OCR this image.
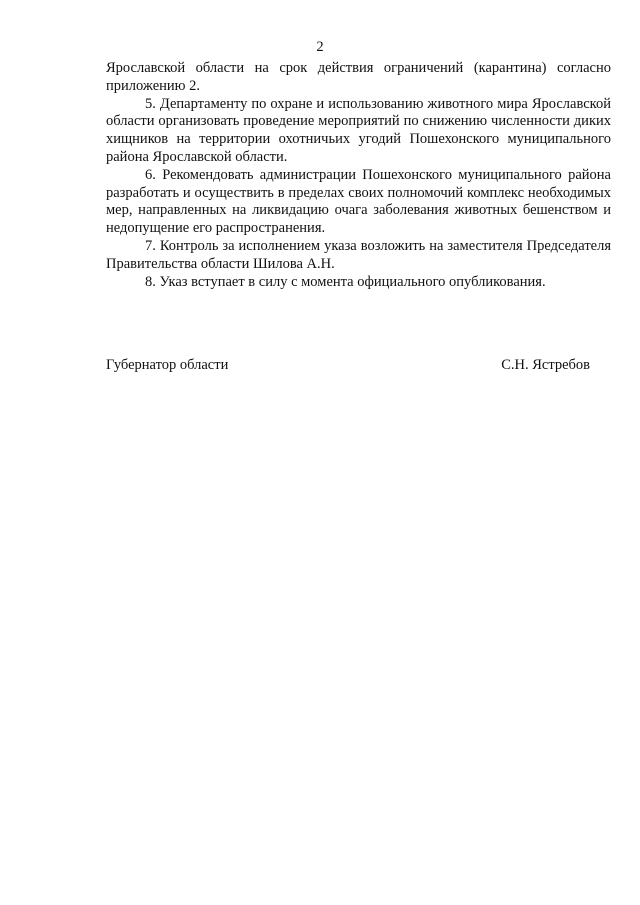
2

Ярославской области на срок действия ограничений (карантина) согласно приложению 2.

5. Департаменту по охране и использованию животного мира Ярославской области организовать проведение мероприятий по снижению численности диких хищников на территории охотничьих угодий Пошехонского муниципального района Ярославской области.

6. Рекомендовать администрации Пошехонского муниципального района разработать и осуществить в пределах своих полномочий комплекс необходимых мер, направленных на ликвидацию очага заболевания животных бешенством и недопущение его распространения.

7. Контроль за исполнением указа возложить на заместителя Председателя Правительства области Шилова А.Н.

8. Указ вступает в силу с момента официального опубликования.

Губернатор области	С.Н. Ястребов
